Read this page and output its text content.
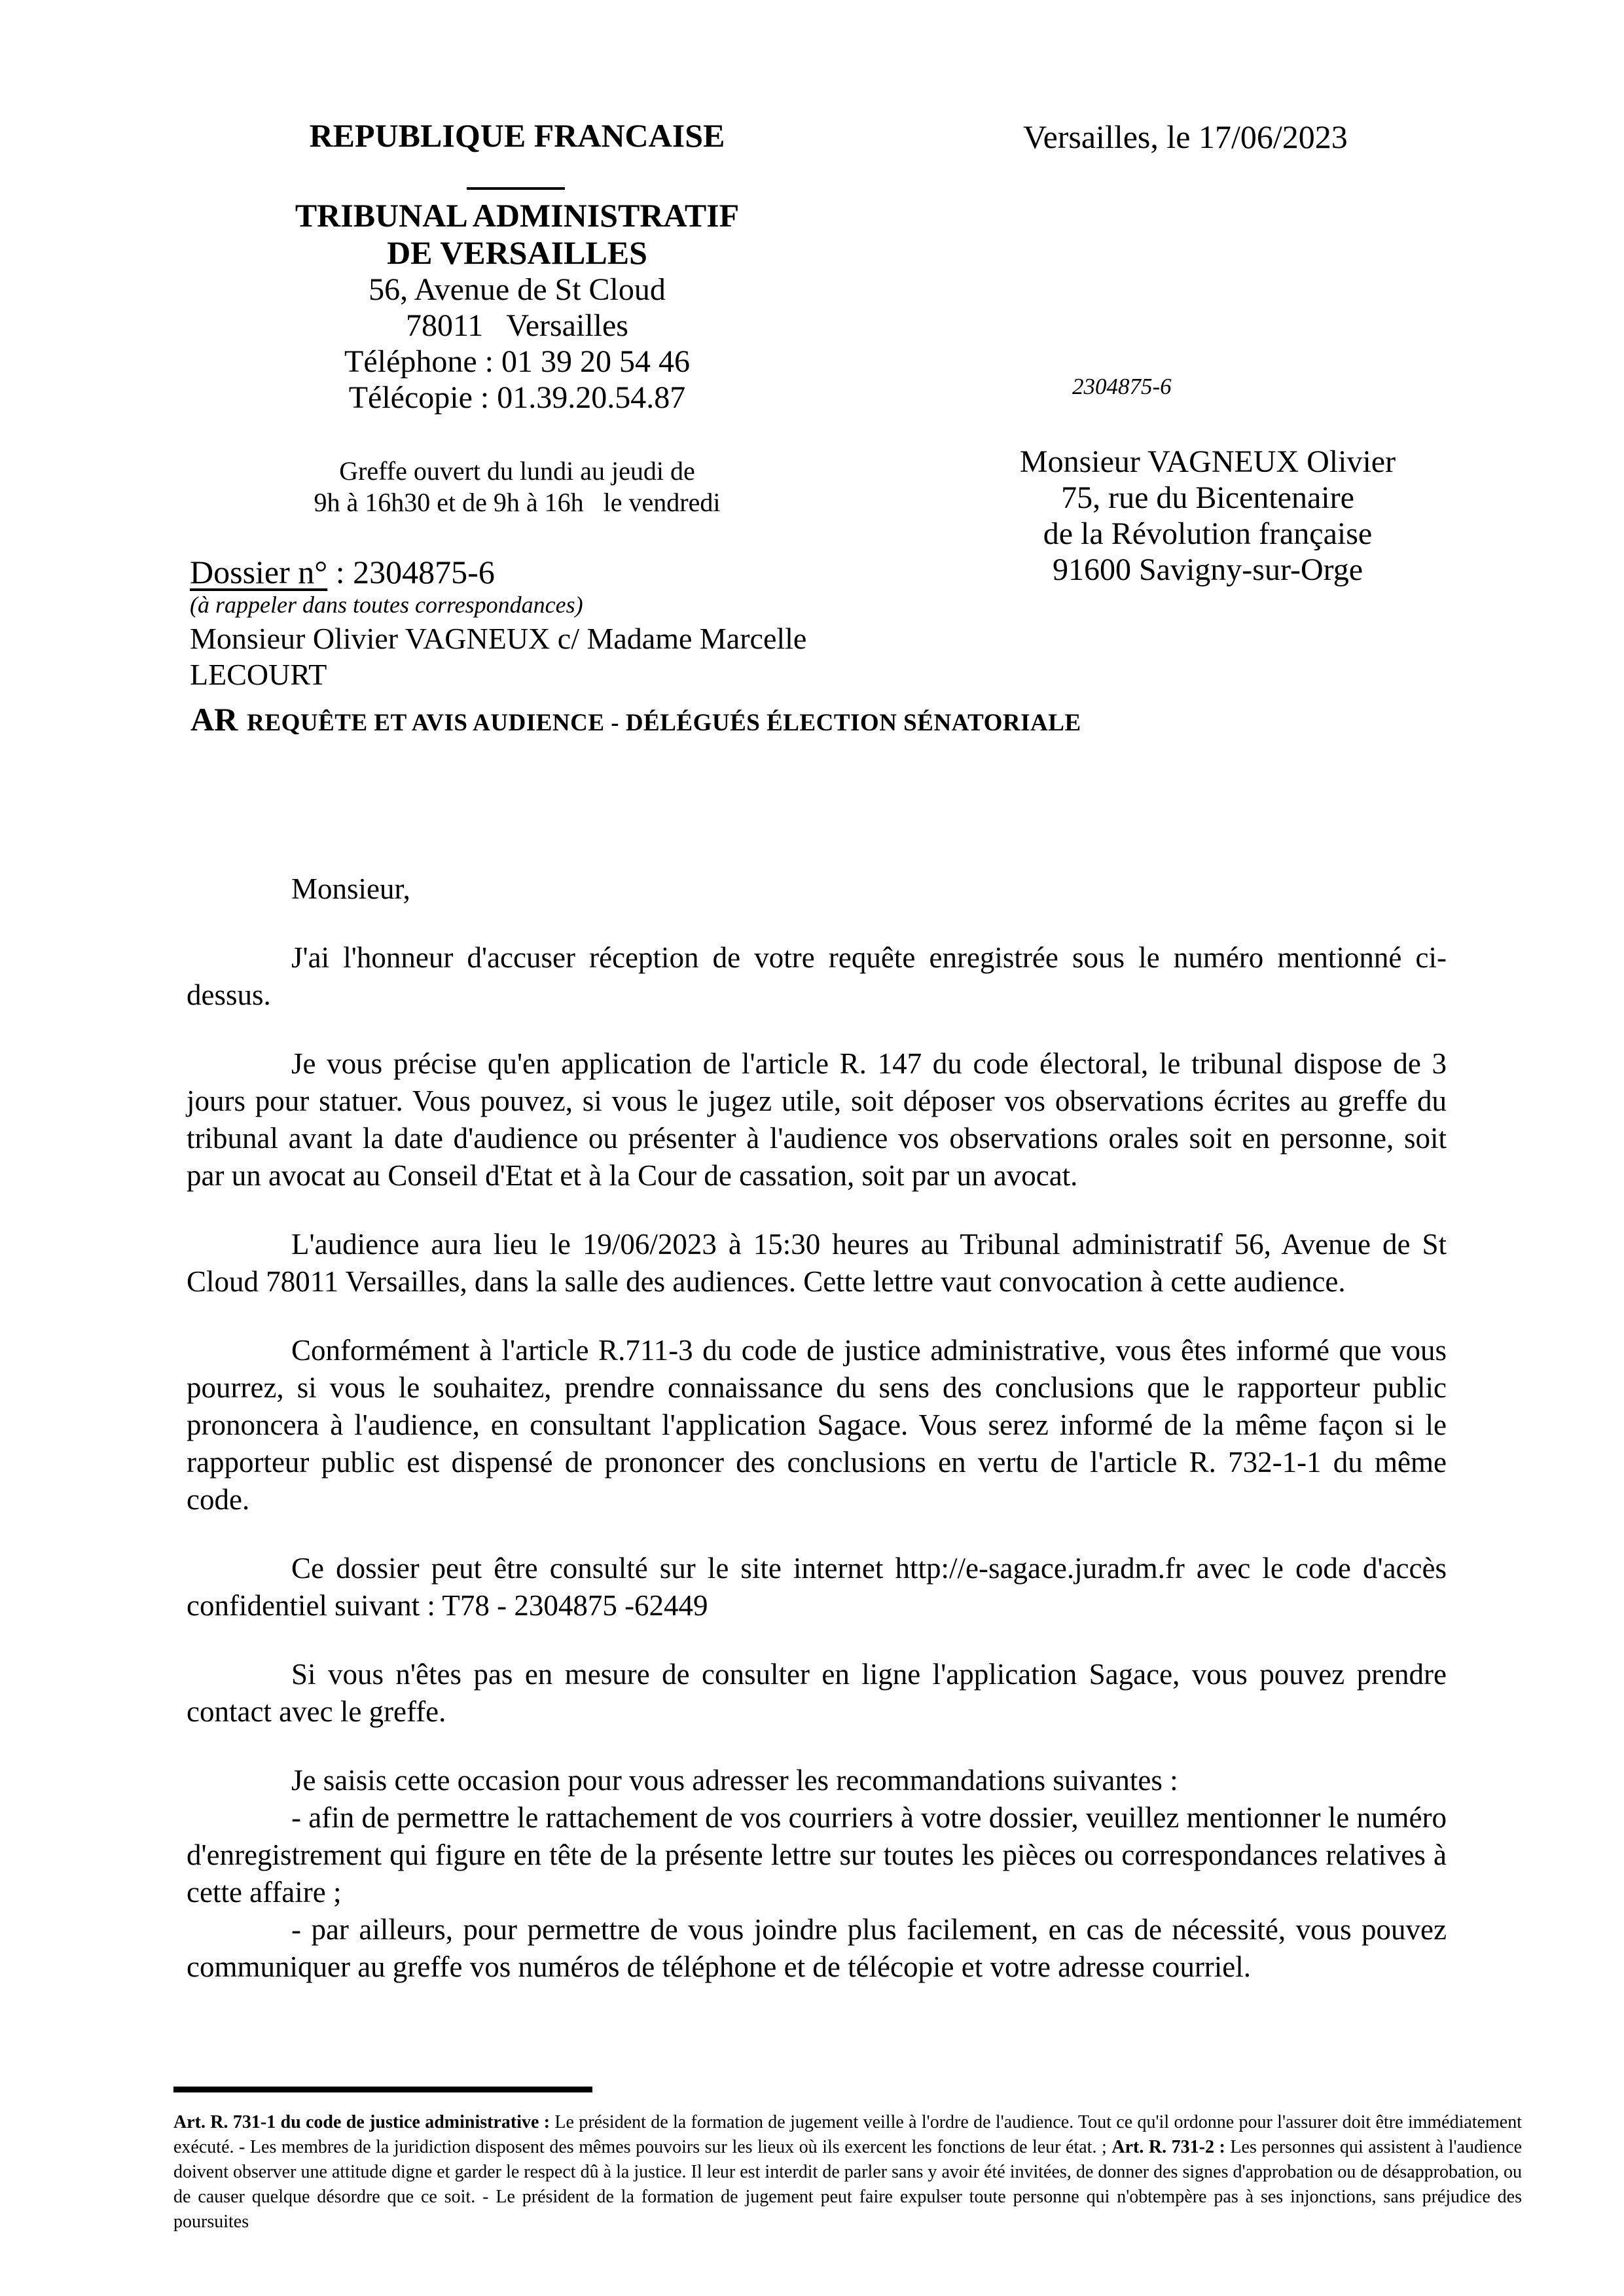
REPUBLIQUE FRANCAISE
TRIBUNAL ADMINISTRATIF
DE VERSAILLES
56, Avenue de St Cloud
78011   Versailles
Téléphone : 01 39 20 54 46
Télécopie : 01.39.20.54.87
Greffe ouvert du lundi au jeudi de
9h à 16h30 et de 9h à 16h   le vendredi
Versailles, le 17/06/2023
2304875-6
Monsieur VAGNEUX Olivier
75, rue du Bicentenaire
de la Révolution française
91600 Savigny-sur-Orge
Dossier n° : 2304875-6
(à rappeler dans toutes correspondances)
Monsieur Olivier VAGNEUX c/ Madame Marcelle
LECOURT
AR REQUÊTE ET AVIS AUDIENCE - DÉLÉGUÉS ÉLECTION SÉNATORIALE

Monsieur,

J'ai l'honneur d'accuser réception de votre requête enregistrée sous le numéro mentionné ci-dessus.

Je vous précise qu'en application de l'article R. 147 du code électoral, le tribunal dispose de 3 jours pour statuer. Vous pouvez, si vous le jugez utile, soit déposer vos observations écrites au greffe du tribunal avant la date d'audience ou présenter à l'audience vos observations orales soit en personne, soit par un avocat au Conseil d'Etat et à la Cour de cassation, soit par un avocat.

L'audience aura lieu le 19/06/2023 à 15:30 heures au Tribunal administratif 56, Avenue de St Cloud 78011 Versailles, dans la salle des audiences. Cette lettre vaut convocation à cette audience.

Conformément à l'article R.711-3 du code de justice administrative, vous êtes informé que vous pourrez, si vous le souhaitez, prendre connaissance du sens des conclusions que le rapporteur public prononcera à l'audience, en consultant l'application Sagace. Vous serez informé de la même façon si le rapporteur public est dispensé de prononcer des conclusions en vertu de l'article R. 732-1-1 du même code.

Ce dossier peut être consulté sur le site internet http://e-sagace.juradm.fr avec le code d'accès confidentiel suivant : T78 - 2304875 -62449

Si vous n'êtes pas en mesure de consulter en ligne l'application Sagace, vous pouvez prendre contact avec le greffe.

Je saisis cette occasion pour vous adresser les recommandations suivantes :

- afin de permettre le rattachement de vos courriers à votre dossier, veuillez mentionner le numéro d'enregistrement qui figure en tête de la présente lettre sur toutes les pièces ou correspondances relatives à cette affaire ;

- par ailleurs, pour permettre de vous joindre plus facilement, en cas de nécessité, vous pouvez communiquer au greffe vos numéros de téléphone et de télécopie et votre adresse courriel.

Art. R. 731-1 du code de justice administrative : Le président de la formation de jugement veille à l'ordre de l'audience. Tout ce qu'il ordonne pour l'assurer doit être immédiatement exécuté. - Les membres de la juridiction disposent des mêmes pouvoirs sur les lieux où ils exercent les fonctions de leur état. ; Art. R. 731-2 : Les personnes qui assistent à l'audience doivent observer une attitude digne et garder le respect dû à la justice. Il leur est interdit de parler sans y avoir été invitées, de donner des signes d'approbation ou de désapprobation, ou de causer quelque désordre que ce soit. - Le président de la formation de jugement peut faire expulser toute personne qui n'obtempère pas à ses injonctions, sans préjudice des poursuites
